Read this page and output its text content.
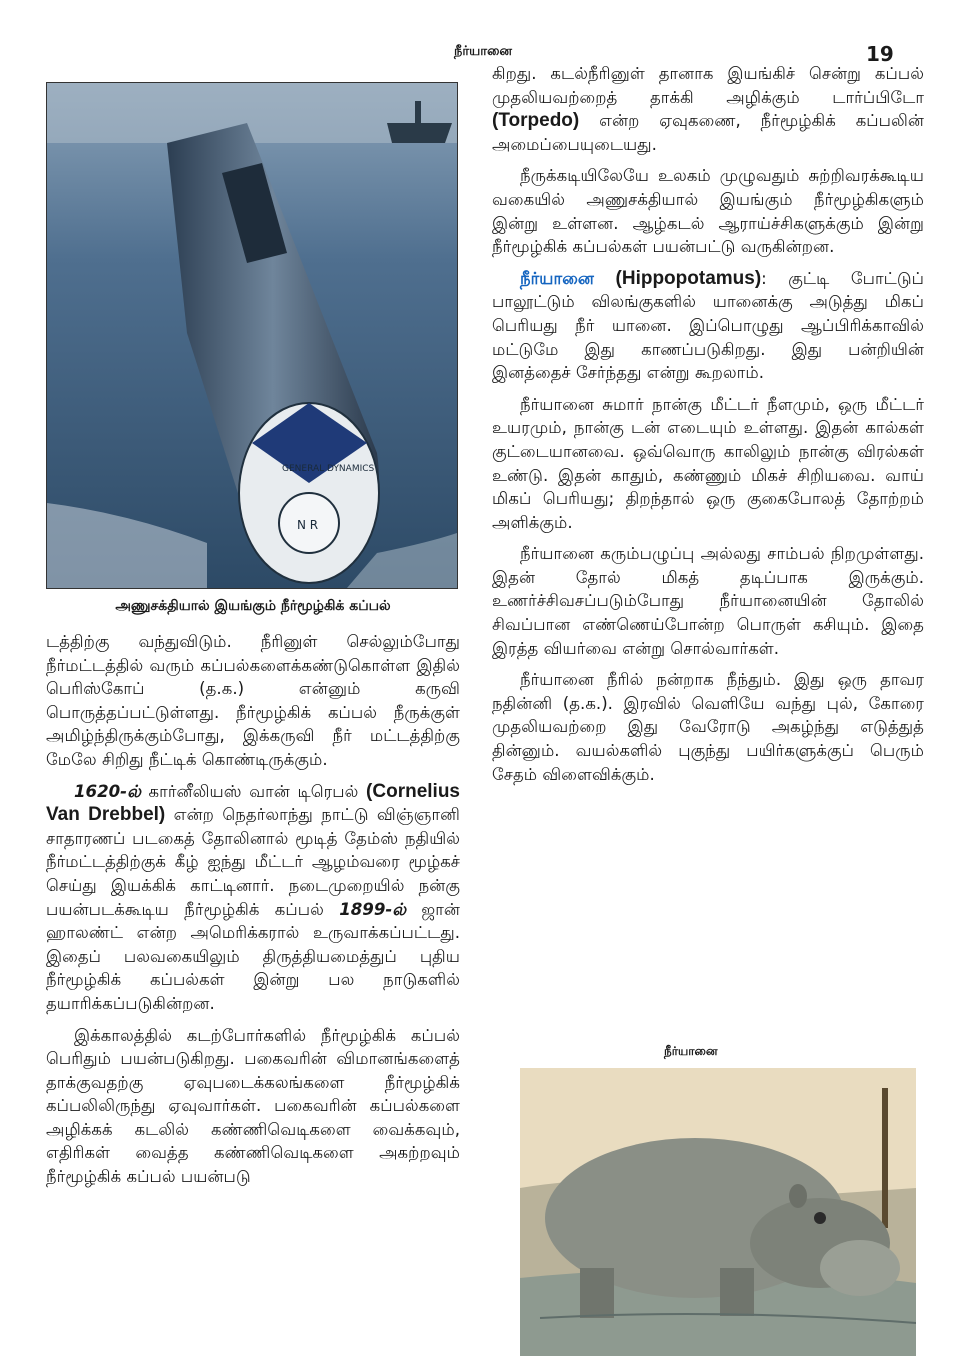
நீர்யானை	19
GENERAL DYNAMICS
N R
அணுசக்தியால் இயங்கும் நீர்மூழ்கிக் கப்பல்

டத்திற்கு வந்துவிடும். நீரினுள் செல்லும்போது நீர்மட்டத்தில் வரும் கப்பல்களைக்கண்டுகொள்ள இதில் பெரிஸ்கோப் (த.க.) என்னும் கருவி பொருத்தப்பட்டுள்ளது. நீர்மூழ்கிக் கப்பல் நீருக்குள் அமிழ்ந்திருக்கும்போது, இக்கருவி நீர் மட்டத்திற்கு மேலே சிறிது நீட்டிக் கொண்டிருக்கும்.

1620-ல் கார்னீலியஸ் வான் டிரெபல் (Cornelius Van Drebbel) என்ற நெதர்லாந்து நாட்டு விஞ்ஞானி சாதாரணப் படகைத் தோலினால் மூடித் தேம்ஸ் நதியில் நீர்மட்டத்திற்குக் கீழ் ஐந்து மீட்டர் ஆழம்வரை மூழ்கச் செய்து இயக்கிக் காட்டினார். நடைமுறையில் நன்கு பயன்படக்கூடிய நீர்மூழ்கிக் கப்பல் 1899-ல் ஜான் ஹாலண்ட் என்ற அமெரிக்கரால் உருவாக்கப்பட்டது. இதைப் பலவகையிலும் திருத்தியமைத்துப் புதிய நீர்மூழ்கிக் கப்பல்கள் இன்று பல நாடுகளில் தயாரிக்கப்படுகின்றன.

இக்காலத்தில் கடற்போர்களில் நீர்மூழ்கிக் கப்பல் பெரிதும் பயன்படுகிறது. பகைவரின் விமானங்களைத் தாக்குவதற்கு ஏவுபடைக்கலங்களை நீர்மூழ்கிக் கப்பலிலிருந்து ஏவுவார்கள். பகைவரின் கப்பல்களை அழிக்கக் கடலில் கண்ணிவெடிகளை வைக்கவும், எதிரிகள் வைத்த கண்ணிவெடிகளை அகற்றவும் நீர்மூழ்கிக் கப்பல் பயன்படு

கிறது. கடல்நீரினுள் தானாக இயங்கிச் சென்று கப்பல் முதலியவற்றைத் தாக்கி அழிக்கும் டார்ப்பிடோ (Torpedo) என்ற ஏவுகணை, நீர்மூழ்கிக் கப்பலின் அமைப்பையுடையது.

நீருக்கடியிலேயே உலகம் முழுவதும் சுற்றிவரக்கூடிய வகையில் அணுசக்தியால் இயங்கும் நீர்மூழ்கிகளும் இன்று உள்ளன. ஆழ்கடல் ஆராய்ச்சிகளுக்கும் இன்று நீர்மூழ்கிக் கப்பல்கள் பயன்பட்டு வருகின்றன.

நீர்யானை (Hippopotamus): குட்டி போட்டுப் பாலூட்டும் விலங்குகளில் யானைக்கு அடுத்து மிகப் பெரியது நீர் யானை. இப்பொழுது ஆப்பிரிக்காவில் மட்டுமே இது காணப்படுகிறது. இது பன்றியின் இனத்தைச் சேர்ந்தது என்று கூறலாம்.

நீர்யானை சுமார் நான்கு மீட்டர் நீளமும், ஒரு மீட்டர் உயரமும், நான்கு டன் எடையும் உள்ளது. இதன் கால்கள் குட்டையானவை. ஒவ்வொரு காலிலும் நான்கு விரல்கள் உண்டு. இதன் காதும், கண்ணும் மிகச் சிறியவை. வாய் மிகப் பெரியது; திறந்தால் ஒரு குகைபோலத் தோற்றம் அளிக்கும்.

நீர்யானை கரும்பழுப்பு அல்லது சாம்பல் நிறமுள்ளது. இதன் தோல் மிகத் தடிப்பாக இருக்கும். உணர்ச்சிவசப்படும்போது நீர்யானையின் தோலில் சிவப்பான எண்ணெய்போன்ற பொருள் கசியும். இதை இரத்த வியர்வை என்று சொல்வார்கள்.

நீர்யானை நீரில் நன்றாக நீந்தும். இது ஒரு தாவர நதின்னி (த.க.). இரவில் வெளியே வந்து புல், கோரை முதலியவற்றை இது வேரோடு அகழ்ந்து எடுத்துத் தின்னும். வயல்களில் புகுந்து பயிர்களுக்குப் பெரும் சேதம் விளைவிக்கும்.

நீர்யானை
